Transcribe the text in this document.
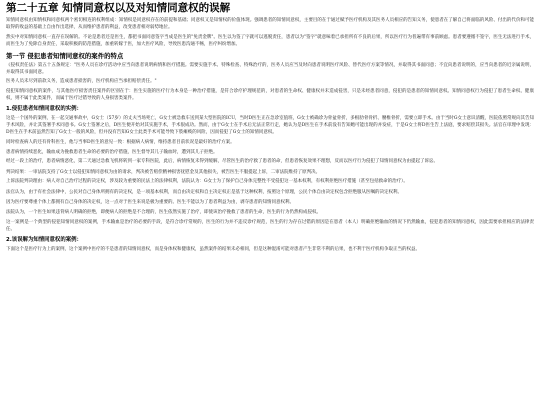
第二十五章 知情同意权以及对知情同意权的误解

知情同意权由知情权和同意权两个密切相连的权利组成：知情权是同意权存在的前提和基础；同意权又是知情权的价值体现。强调患者的知情同意权，主要目的在于通过赋予医疗机构及其医务人员相应的告知义务，使患者在了解自己将面临的风险、付出的代价和可能取得的收益的基础上自由作出选择，从而维护患者的利益，改变患者相对弱势地位。

然实中对知情同意权一直存在误解的。不论是患者还是医生，都把书面同意签字当成是医生的"免责金牌"。医生以为签了字就可以逃脱责任，患者以为"签字"就意味着已承担所有不良的后果，所以医疗行为普遍带有事前顾虑。患者要遵循不签字，医生无法进行手术，而医生为了免除自身责任，采取积极的防范措施，加重转嫁于医，加大医疗风险，导致医患沟通不畅，医疗纠纷增加。

第一节 侵犯患者知情同意权的案件的特点

《侵权责任法》第五十五条规定："医务人员在诊疗活动中应当向患者说明病情和医疗措施。需要实施手术、特殊检查、特殊治疗的，医务人员应当及时向患者说明医疗风险、替代医疗方案等情况，并取得其书面同意；不宜向患者说明的，应当向患者的近亲属说明，并取得其书面同意。

医务人员未尽到前款义务，造成患者损害的，医疗机构应当承担赔偿责任。"

侵犯知情同意权的案件，与其他医疗损害责任案件的区别在于：医生实施的医疗行为本身是一种治疗措施，是符合诊疗护理规范的，对患者的生命权、健康权并未造成侵害，只是未经患者同意，侵犯的是患者的知情同意权。知情同意权行为侵犯了患者生命权、健康权，则不属于此类案件，而属于医疗过错导致的人身损害类案件。

1.侵犯患者知情同意权的实例：

这是一个国外的案例，在一起交通事故中，G女士（57岁）的丈夫当场死亡，G女士被急救车送到某大型医院的ICU，当时D医生正在急诊室值班，G女士被确诊为骨盆骨折，多根肋骨骨折、腰椎骨折，需要立即手术。由于当时G女士意识清醒，医院依照常规向其告知手术风险，并让其签署手术同意书。G女士签署之后，D医生便开始对其实施手术，手术很成功。然而，由于G女士在手术后无法正常行走，她认为是D医生在手术前没有告知她可能出现的并发症，于是G女士将D医生告上法庭，要求赔偿其损失。法官在审理中发现：D医生在手术前虽然告知了G女士一般的风险，但并没有告知G女士此类手术可能导致下肢瘫痪的风险，因而侵犯了G女士的知情同意权。

同时检查病人的还有骨科医生，他与当事D医生的意见一致：根据病人病情，维持患者目前状况是最好的治疗方案。

患者病情持续恶化，输血成为挽救患者生命的必要的治疗措施，医生督导其儿子输血时，遭到其儿子拒绝。

经过一段上的治疗，患者病情恶化，第二天通过急救飞机将转到一家专科医院，此后，病情恢复未得到缓解，尽管医生的治疗救了患者的命，但患者恢复效果不理想，反而以医疗行为侵犯了知情同意权为由提起了诉讼。

判决结果：一审法院支持了G女士以侵犯知情同意权为由的请求，判决被告赔偿精神损害抚慰金及其他损失，被告医生不服提起上诉，二审法院维持了原判决。

上诉法院判决理由：病人对自己治疗过程的决定权，涉及较为重要的民法上的法律权利，法院认为：G女士为了保护自己身体完整性不受侵犯这一基本权利，有权利拒绝医疗措施（甚至包括救命的治疗）。

法官认为，由于有社会法律中，公民对自己身体所拥有的决定权，是一项基本权利，而自由决定权和自主决定权正是基于这种权利，按照这个原理，公民个体自由决定权包含拒绝服从医嘱的决定权利。

因为医疗要尊重个体上都拥有自己身体的决定权，这一点对于医生来说是极为重要的。医生不能以为了患者利益为由，剥夺患者的知情同意权利。

法院认为，一个医生如果违背病人明确的拒绝，即便病人的拒绝是不合理的，医生依然实施了治疗，即使该治疗挽救了患者的生命，医生的行为仍然构成侵权。

这一案例是一个典型的侵犯知情同意权的案例，手术输血是治疗的必要的手段，是符合诊疗常规的，医生的行为并不违反诊疗规范，医生的行为存在过错的原因是在患者（本人）明确拒绝输血的情况下仍然输血，侵犯患者的知情同意权，因此需要承担相应的法律责任。

2.该误解为知情同意权的案例：

下面这个是医疗行为上的案例，这个案例中医疗的不是患者的知情同意权，而是身体权和健康权，虽然案件的结果未必相同，但是这种混淆可能对患者产生非常不利的后果，也不利于医疗机构争取正当的权益。
